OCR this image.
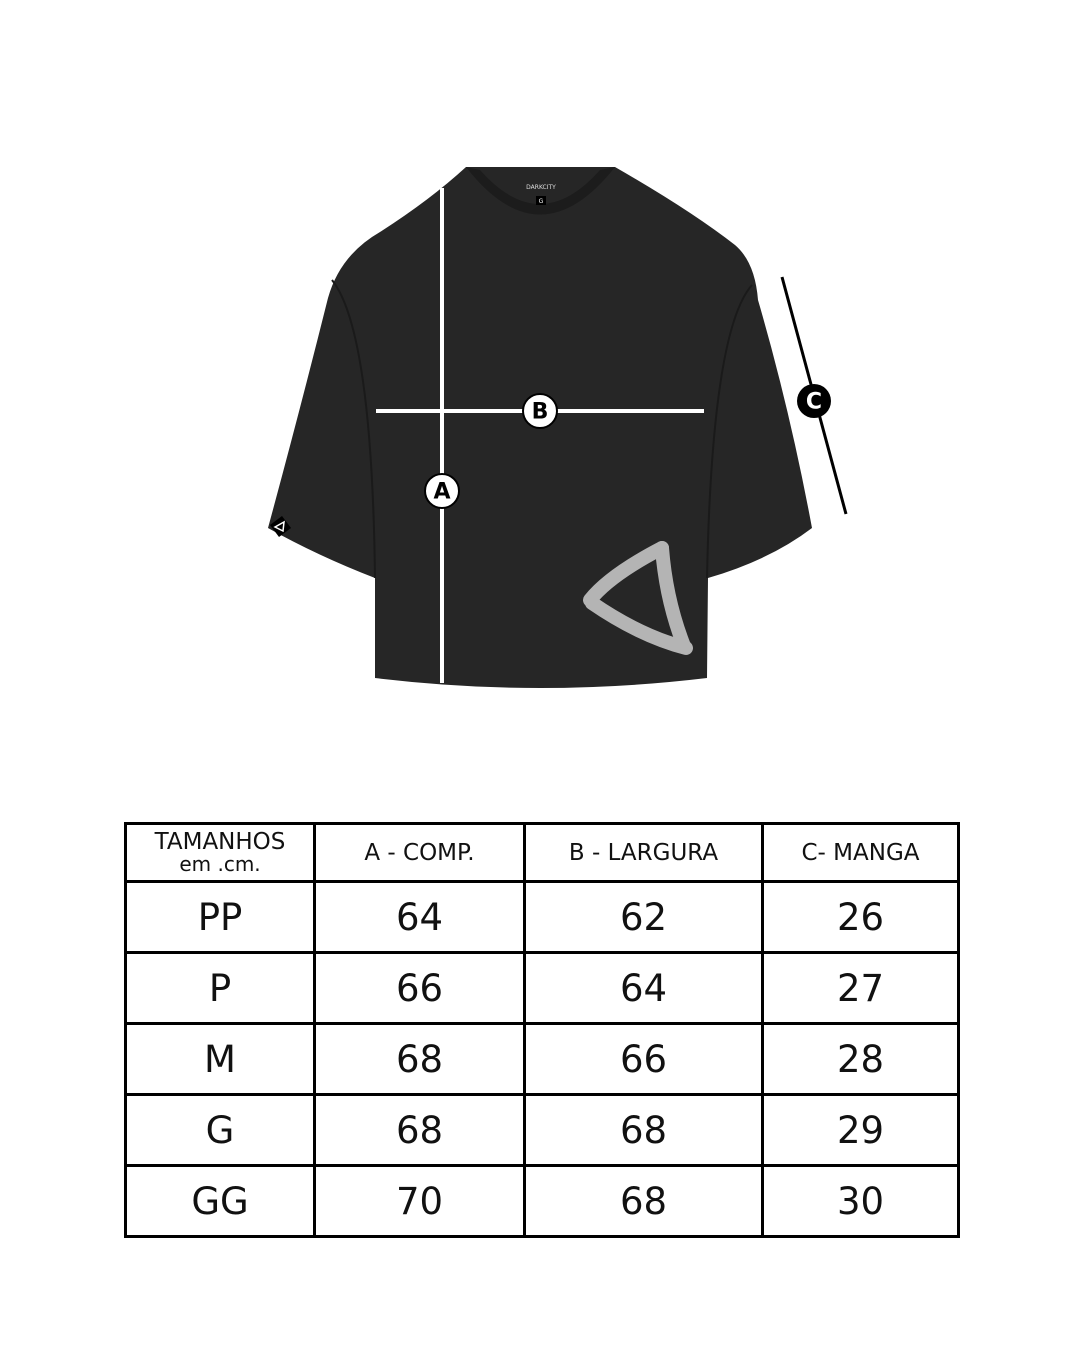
DARKCITY
G
A
B	C
TAMANHOS
em .cm.	A - COMP.	B - LARGURA	C- MANGA
PP	64	62	26
P	66	64	27
M	68	66	28
G	68	68	29
GG	70	68	30
